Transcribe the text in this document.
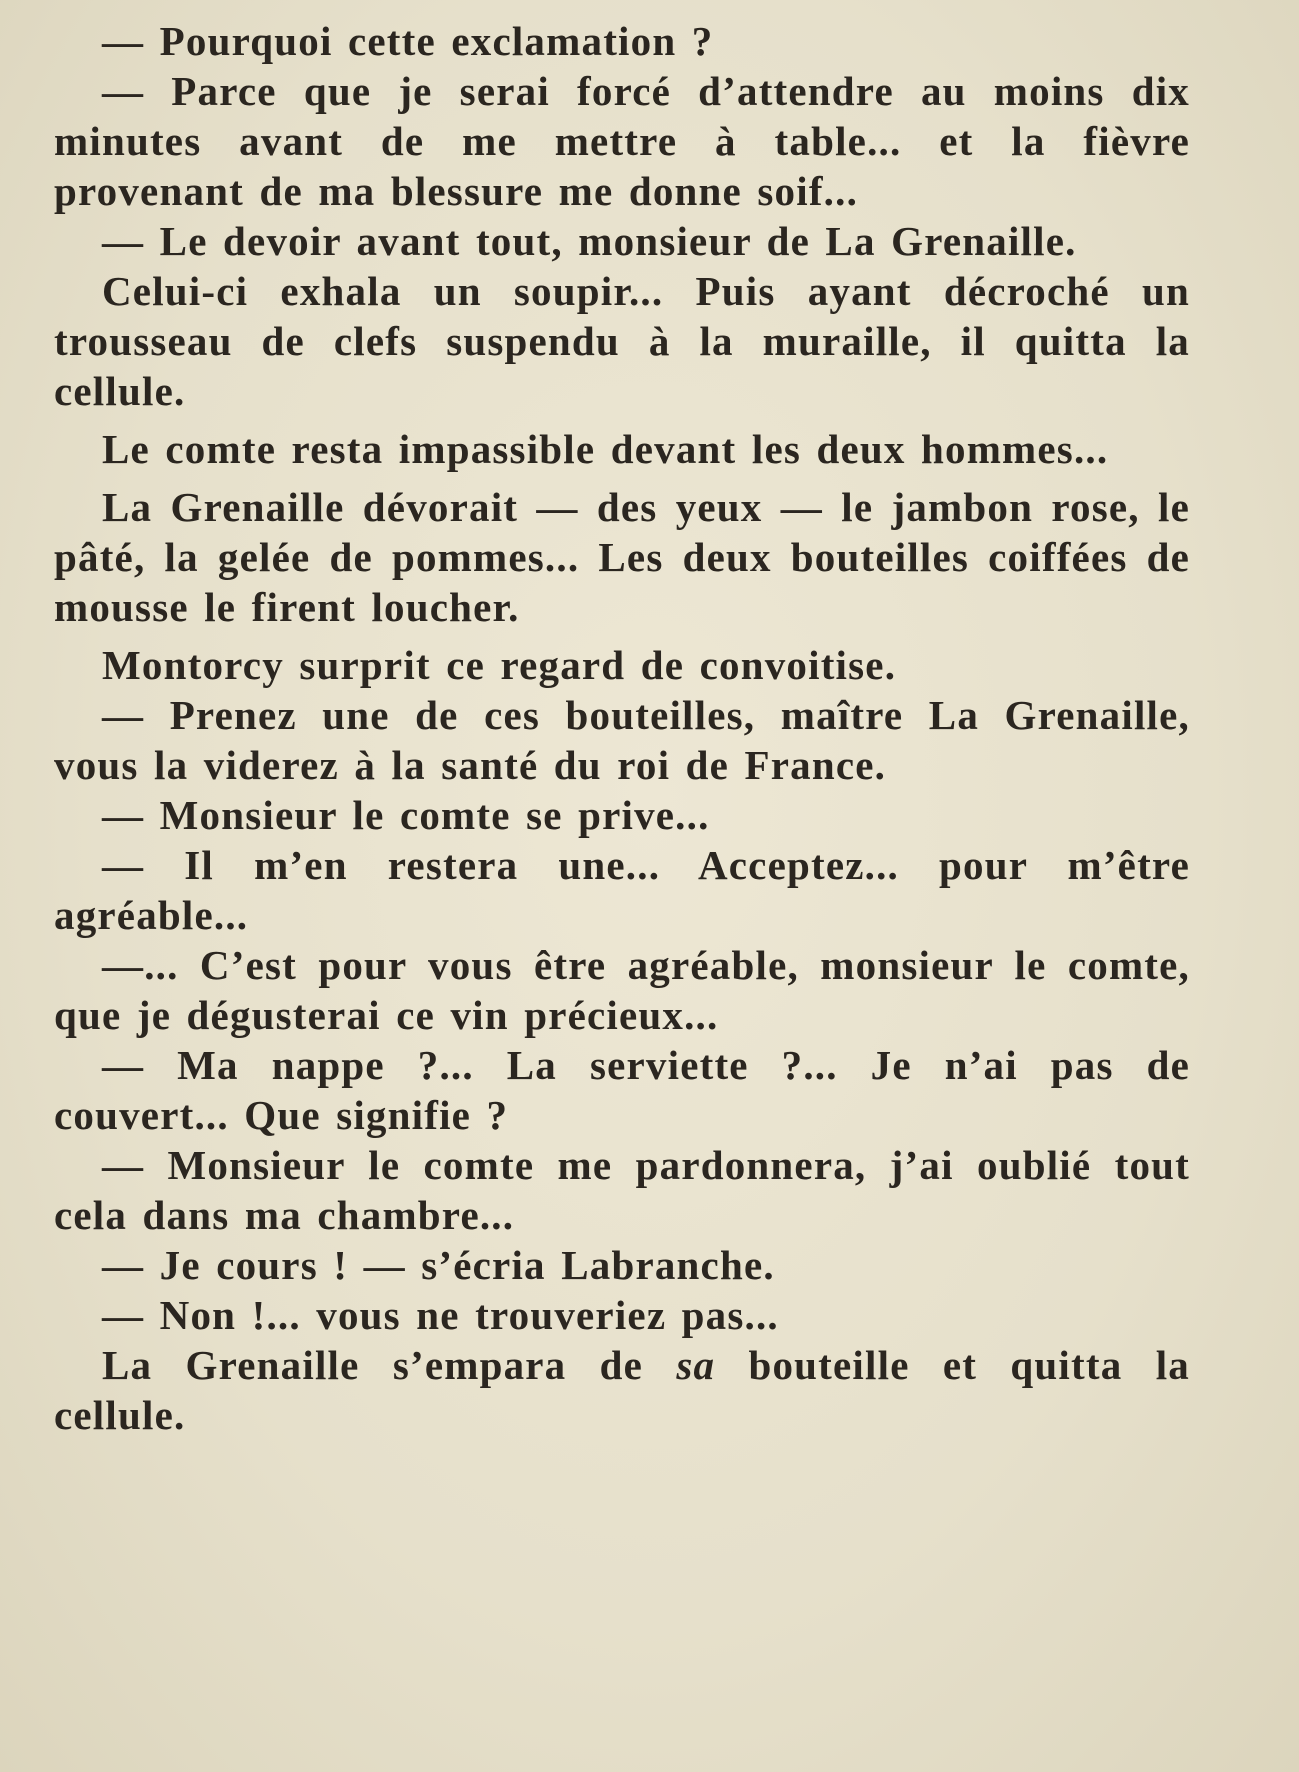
— Pourquoi cette exclamation ?

— Parce que je serai forcé d’attendre au moins dix minutes avant de me mettre à table... et la fièvre provenant de ma blessure me donne soif...

— Le devoir avant tout, monsieur de La Grenaille.

Celui-ci exhala un soupir... Puis ayant décroché un trousseau de clefs suspendu à la muraille, il quitta la cellule.

Le comte resta impassible devant les deux hommes...

La Grenaille dévorait — des yeux — le jambon rose, le pâté, la gelée de pommes... Les deux bouteilles coiffées de mousse le firent loucher.

Montorcy surprit ce regard de convoitise.

— Prenez une de ces bouteilles, maître La Grenaille, vous la viderez à la santé du roi de France.

— Monsieur le comte se prive...

— Il m’en restera une... Acceptez... pour m’être agréable...

—... C’est pour vous être agréable, monsieur le comte, que je dégusterai ce vin précieux...

— Ma nappe ?... La serviette ?... Je n’ai pas de couvert... Que signifie ?

— Monsieur le comte me pardonnera, j’ai oublié tout cela dans ma chambre...

— Je cours ! — s’écria Labranche.

— Non !... vous ne trouveriez pas...

La Grenaille s’empara de sa bouteille et quitta la cellule.
